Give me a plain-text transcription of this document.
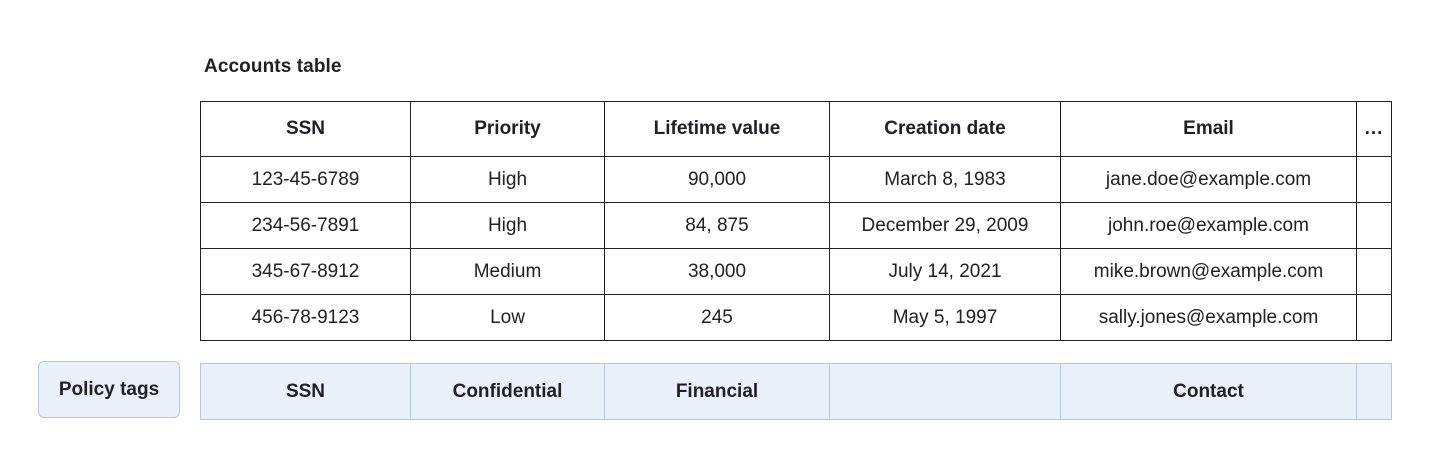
Accounts table
SSN	Priority	Lifetime value	Creation date	Email	...
123-45-6789	High	90,000	March 8, 1983	jane.doe@example.com	
234-56-7891	High	84, 875	December 29, 2009	john.roe@example.com	
345-67-8912	Medium	38,000	July 14, 2021	mike.brown@example.com	
456-78-9123	Low	245	May 5, 1997	sally.jones@example.com	
Policy tags	SSN	Confidential	Financial		Contact	
